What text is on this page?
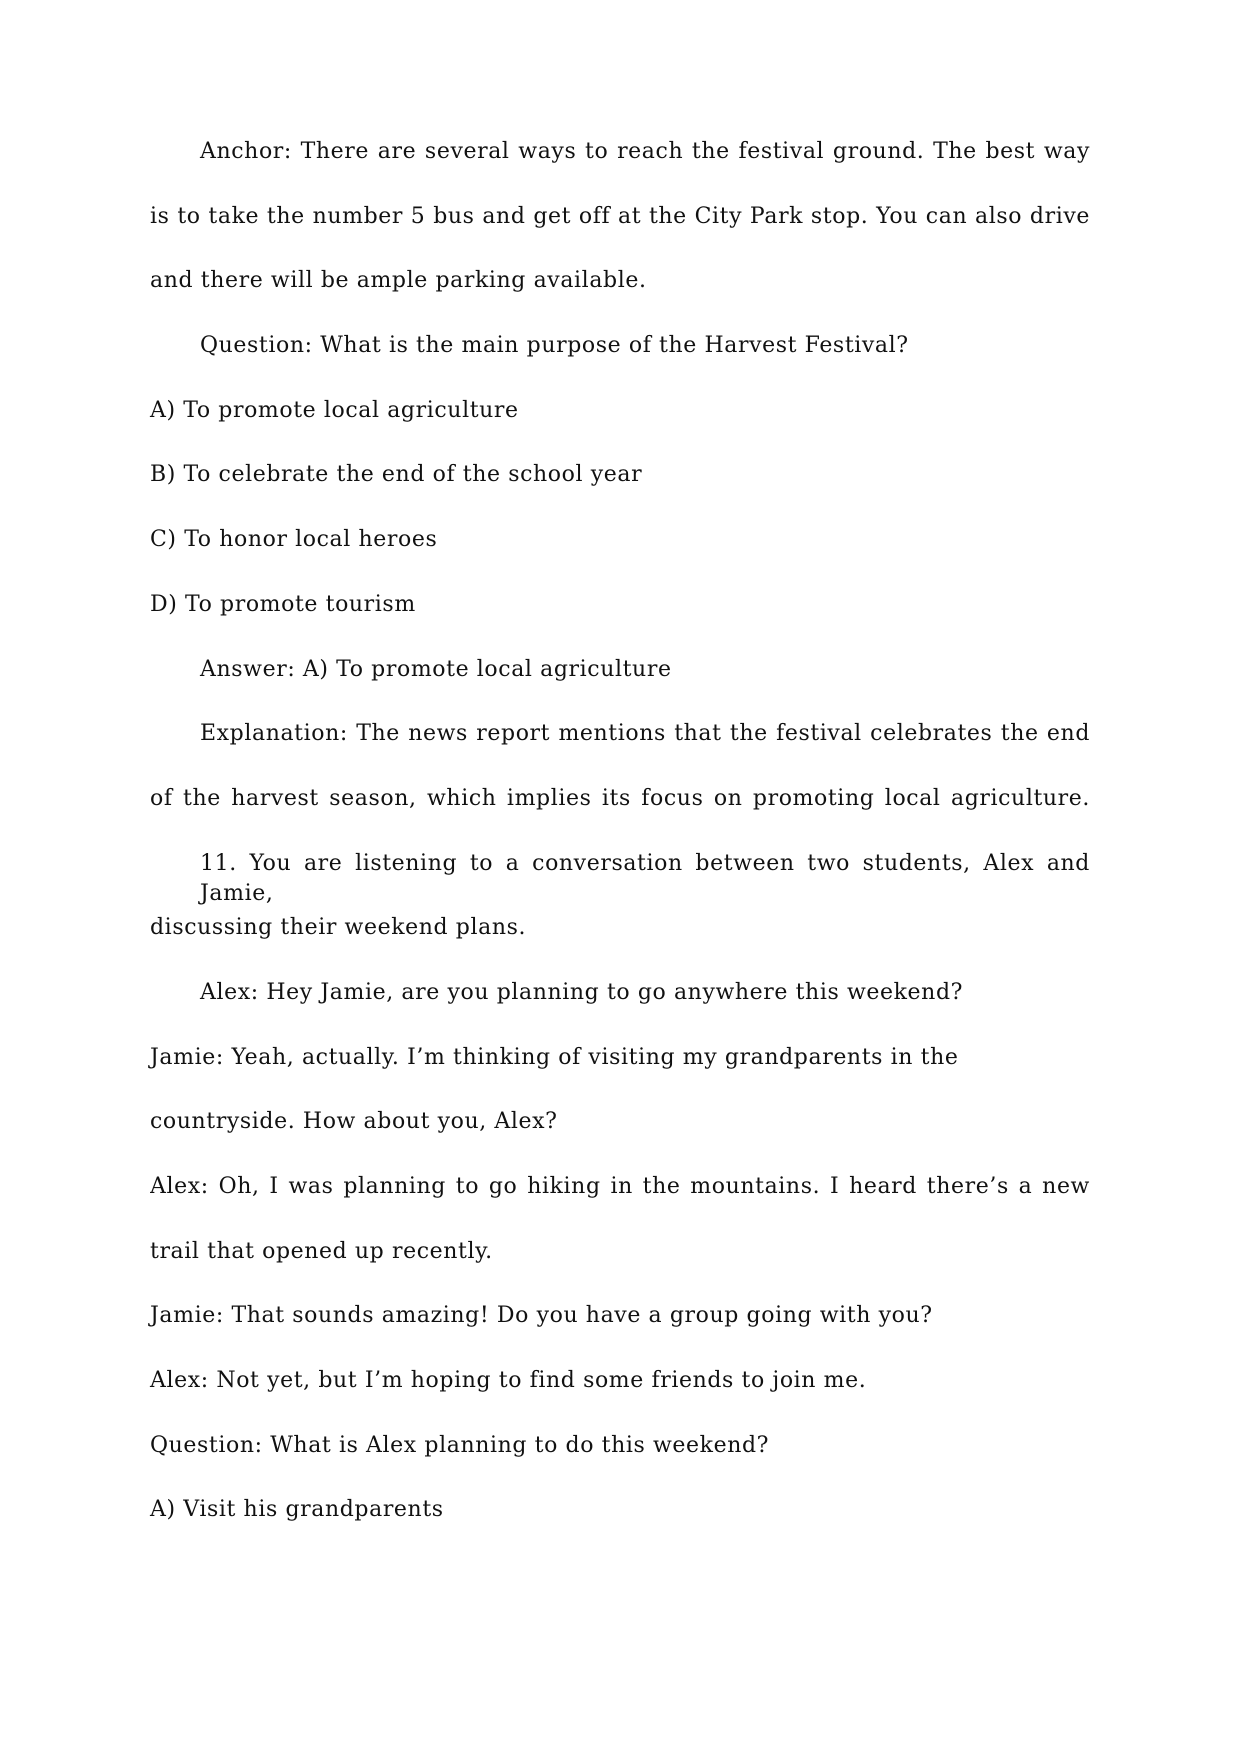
Anchor: There are several ways to reach the festival ground. The best way
is to take the number 5 bus and get off at the City Park stop. You can also drive
and there will be ample parking available.
Question: What is the main purpose of the Harvest Festival?
A) To promote local agriculture
B) To celebrate the end of the school year
C) To honor local heroes
D) To promote tourism
Answer: A) To promote local agriculture
Explanation: The news report mentions that the festival celebrates the end
of the harvest season, which implies its focus on promoting local agriculture.
11. You are listening to a conversation between two students, Alex and Jamie,
discussing their weekend plans.
Alex: Hey Jamie, are you planning to go anywhere this weekend?
Jamie: Yeah, actually. I’m thinking of visiting my grandparents in the
countryside. How about you, Alex?
Alex: Oh, I was planning to go hiking in the mountains. I heard there’s a new
trail that opened up recently.
Jamie: That sounds amazing! Do you have a group going with you?
Alex: Not yet, but I’m hoping to find some friends to join me.
Question: What is Alex planning to do this weekend?
A) Visit his grandparents
